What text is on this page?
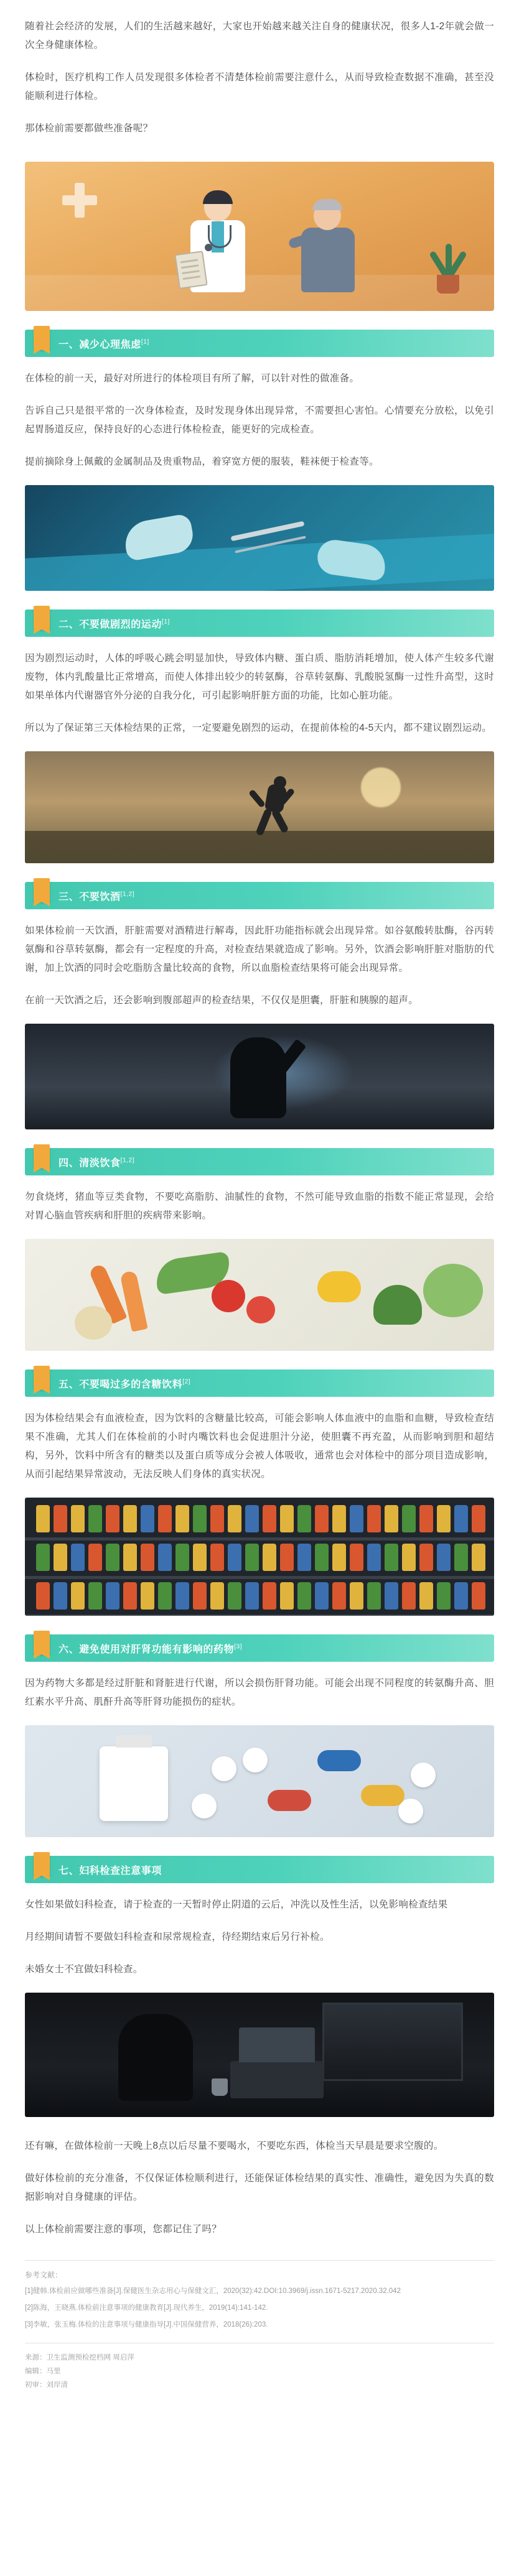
随着社会经济的发展，人们的生活越来越好，大家也开始越来越关注自身的健康状况，很多人1-2年就会做一次全身健康体检。

体检时，医疗机构工作人员发现很多体检者不清楚体检前需要注意什么，从而导致检查数据不准确，甚至没能顺利进行体检。

那体检前需要都做些准备呢？

一、减少心理焦虑[1]

在体检的前一天，最好对所进行的体检项目有所了解，可以针对性的做准备。

告诉自己只是很平常的一次身体检查，及时发现身体出现异常，不需要担心害怕。心情要充分放松，以免引起胃肠道反应，保持良好的心态进行体检检查，能更好的完成检查。

提前摘除身上佩戴的金属制品及贵重物品，着穿宽方便的服装，鞋袜便于检查等。

二、不要做剧烈的运动[1]

因为剧烈运动时，人体的呼吸心跳会明显加快，导致体内糖、蛋白质、脂肪消耗增加，使人体产生较多代谢废物，体内乳酸量比正常增高，而使人体排出较少的转氨酶，谷草转氨酶、乳酸脱氢酶一过性升高型，这时如果单体内代谢器官外分泌的自我分化，可引起影响肝脏方面的功能，比如心脏功能。

所以为了保证第三天体检结果的正常，一定要避免剧烈的运动，在提前体检的4-5天内，都不建议剧烈运动。

三、不要饮酒[1,2]

如果体检前一天饮酒，肝脏需要对酒精进行解毒，因此肝功能指标就会出现异常。如谷氨酸转肽酶，谷丙转氨酶和谷草转氨酶，都会有一定程度的升高，对检查结果就造成了影响。另外，饮酒会影响肝脏对脂肪的代谢，加上饮酒的同时会吃脂肪含量比较高的食物，所以血脂检查结果将可能会出现异常。

在前一天饮酒之后，还会影响到腹部超声的检查结果，不仅仅是胆囊，肝脏和胰腺的超声。

四、清淡饮食[1,2]

勿食烧烤，猪血等豆类食物，不要吃高脂肪、油腻性的食物，不然可能导致血脂的指数不能正常显现，会给对胃心脑血管疾病和肝胆的疾病带来影响。

五、不要喝过多的含糖饮料[2]

因为体检结果会有血液检查，因为饮料的含糖量比较高，可能会影响人体血液中的血脂和血糖，导致检查结果不准确，尤其人们在体检前的小时内嘴饮料也会促进胆汁分泌，使胆囊不再充盈，从而影响到胆和超结构，另外，饮料中所含有的糖类以及蛋白质等成分会被人体吸收，通常也会对体检中的部分项目造成影响，从而引起结果异常波动，无法反映人们身体的真实状况。

六、避免使用对肝肾功能有影响的药物[3]

因为药物大多都是经过肝脏和肾脏进行代谢，所以会损伤肝肾功能。可能会出现不同程度的转氨酶升高、胆红素水平升高、肌酐升高等肝肾功能损伤的症状。

七、妇科检查注意事项

女性如果做妇科检查，请于检查的一天暂时停止阴道的云后，冲洗以及性生活，以免影响检查结果

月经期间请暂不要做妇科检查和尿常规检查，待经期结束后另行补检。

未婚女士不宜做妇科检查。

还有嘛，在做体检前一天晚上8点以后尽量不要喝水，不要吃东西，体检当天早晨是要求空腹的。

做好体检前的充分准备，不仅保证体检顺利进行，还能保证体检结果的真实性、准确性，避免因为失真的数据影响对自身健康的评估。

以上体检前需要注意的事项，您都记住了吗？

参考文献：

[1]健韩.体检前应做哪些准备[J].保健医生杂志用心与保健文汇，2020(32):42.DOI:10.3969/j.issn.1671-5217.2020.32.042

[2]陈海，王晓燕.体检前注意事项的健康教育[J].现代养生，2019(14):141-142.

[3]李敏，张玉梅.体检的注意事项与健康指导[J].中国保健营养，2018(26):203.

来源：卫生监测预检挖档网 周启萍

编辑：马里

初审：刘岸清
